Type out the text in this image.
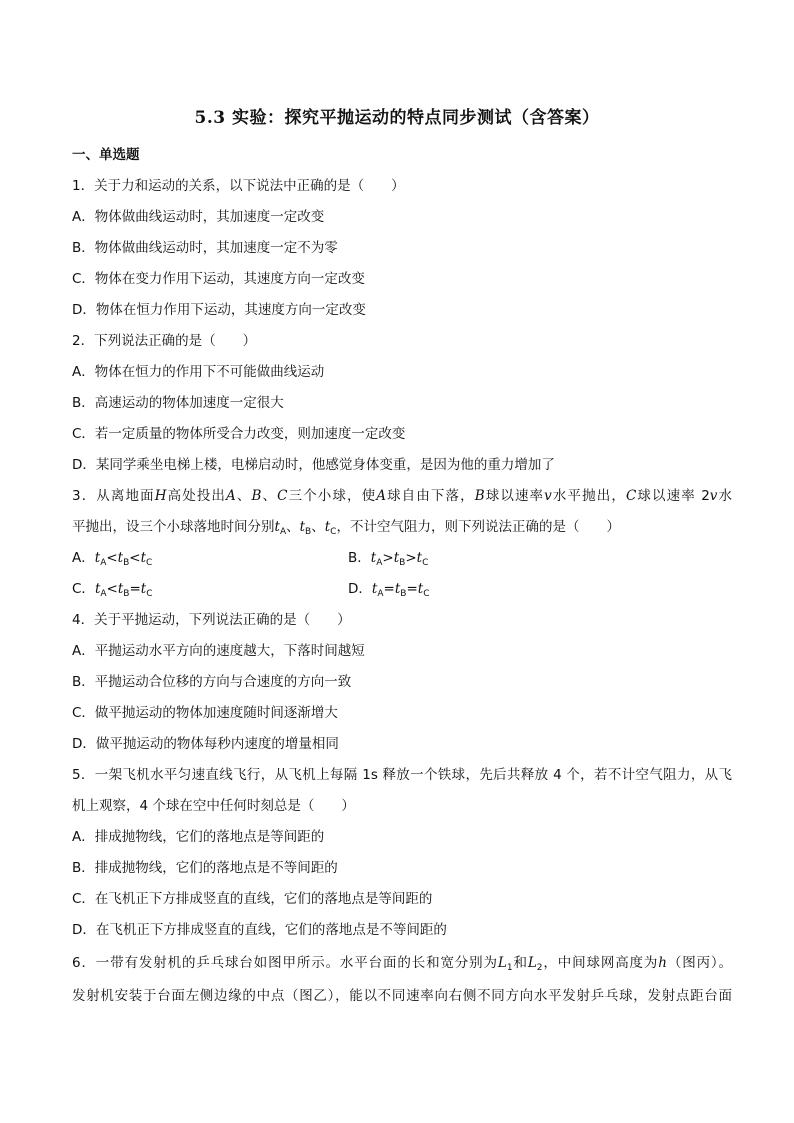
5.3 实验：探究平抛运动的特点同步测试（含答案）
一、单选题
1．关于力和运动的关系，以下说法中正确的是（　　）
A．物体做曲线运动时，其加速度一定改变
B．物体做曲线运动时，其加速度一定不为零
C．物体在变力作用下运动，其速度方向一定改变
D．物体在恒力作用下运动，其速度方向一定改变
2．下列说法正确的是（　　）
A．物体在恒力的作用下不可能做曲线运动
B．高速运动的物体加速度一定很大
C．若一定质量的物体所受合力改变，则加速度一定改变
D．某同学乘坐电梯上楼，电梯启动时，他感觉身体变重，是因为他的重力增加了
3．从离地面H高处投出A、B、C三个小球，使A球自由下落，B球以速率v水平抛出，C球以速率 2v水
平抛出，设三个小球落地时间分别$t_A$、$t_B$、$t_C$，不计空气阻力，则下列说法正确的是（　　）
A．$t_A<t_B<t_C$	B．$t_A>t_B>t_C$
C．$t_A<t_B=t_C$	D．$t_A=t_B=t_C$
4．关于平抛运动，下列说法正确的是（　　）
A．平抛运动水平方向的速度越大，下落时间越短
B．平抛运动合位移的方向与合速度的方向一致
C．做平抛运动的物体加速度随时间逐渐增大
D．做平抛运动的物体每秒内速度的增量相同
5．一架飞机水平匀速直线飞行，从飞机上每隔 1s 释放一个铁球，先后共释放 4 个，若不计空气阻力，从飞
机上观察，4 个球在空中任何时刻总是（　　）
A．排成抛物线，它们的落地点是等间距的
B．排成抛物线，它们的落地点是不等间距的
C．在飞机正下方排成竖直的直线，它们的落地点是等间距的
D．在飞机正下方排成竖直的直线，它们的落地点是不等间距的
6．一带有发射机的乒乓球台如图甲所示。水平台面的长和宽分别为$L_1$和$L_2$，中间球网高度为h（图丙）。
发射机安装于台面左侧边缘的中点（图乙），能以不同速率向右侧不同方向水平发射乒乓球，发射点距台面
